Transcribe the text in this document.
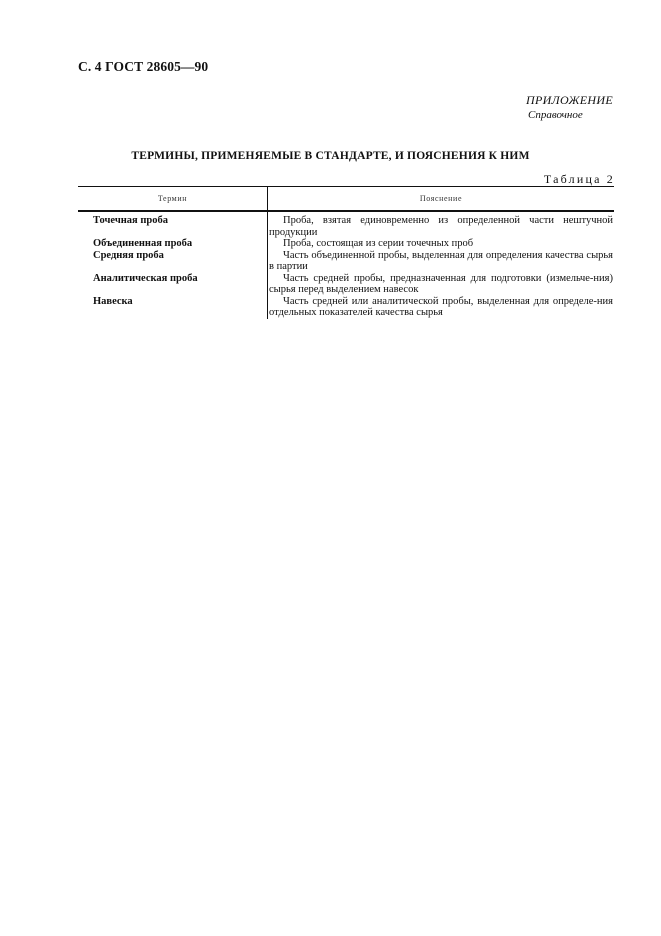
С. 4 ГОСТ 28605—90
ПРИЛОЖЕНИЕ
Справочное
ТЕРМИНЫ, ПРИМЕНЯЕМЫЕ В СТАНДАРТЕ, И ПОЯСНЕНИЯ К НИМ
Таблица 2
Термин	Пояснение
Точечная проба	Проба, взятая единовременно из определенной части нештучной продукции
Объединенная проба	Проба, состоящая из серии точечных проб
Средняя проба	Часть объединенной пробы, выделенная для определения качества сырья в партии
Аналитическая проба	Часть средней пробы, предназначенная для подготовки (измельче-ния) сырья перед выделением навесок
Навеска	Часть средней или аналитической пробы, выделенная для определе-ния отдельных показателей качества сырья
